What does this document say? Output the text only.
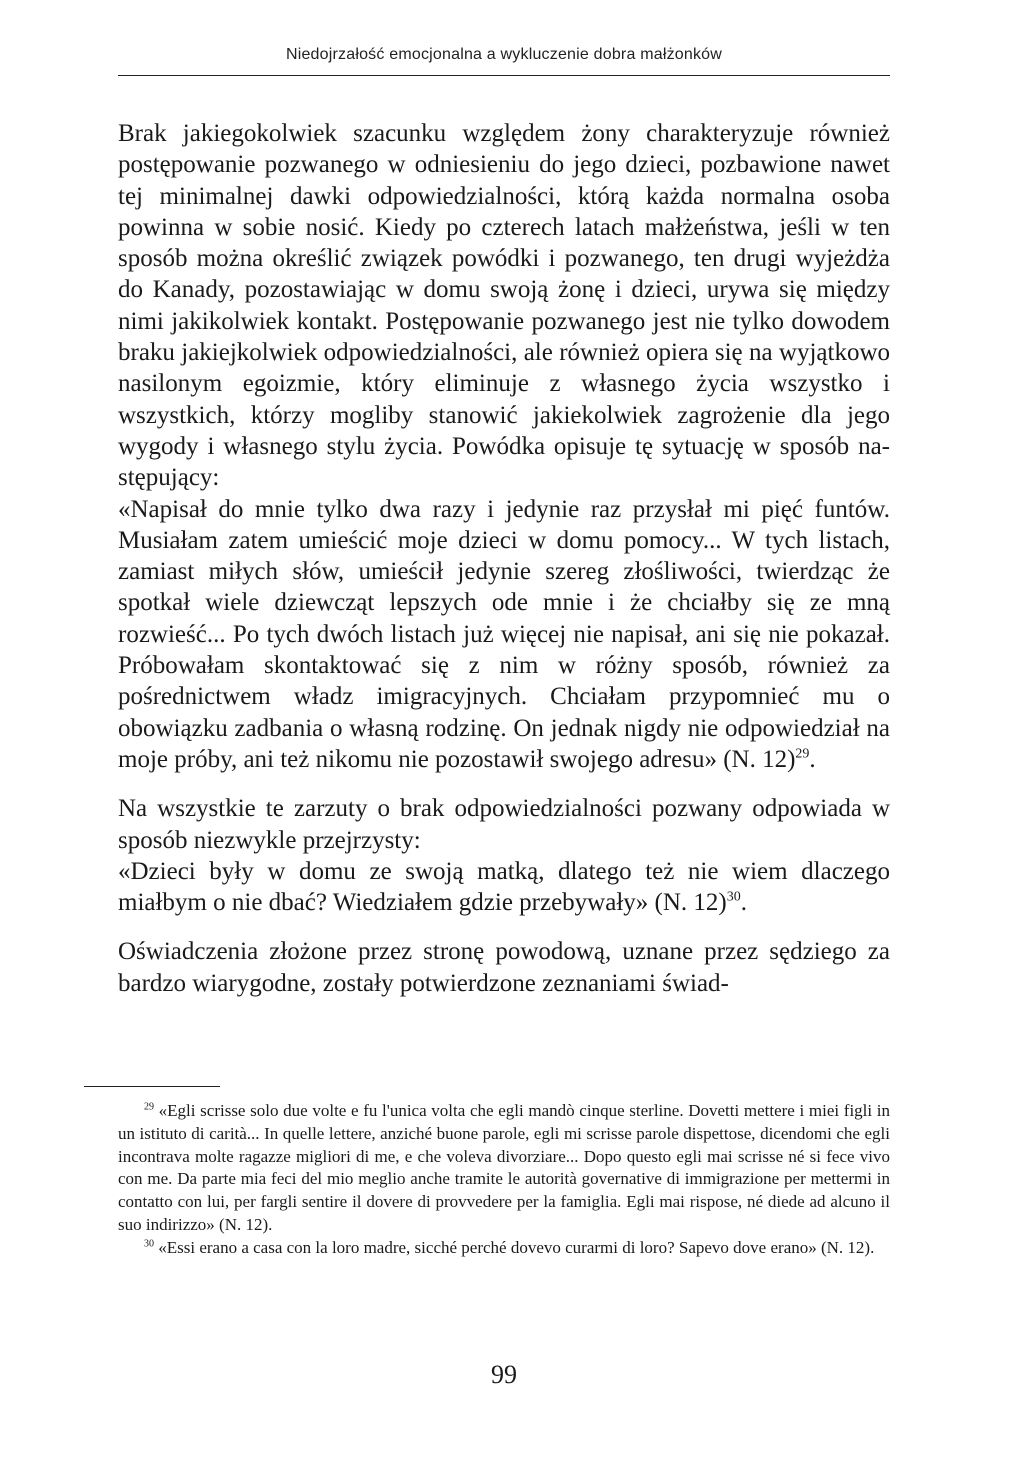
Niedojrzałość emocjonalna a wykluczenie dobra małżonków

Brak jakiegokolwiek szacunku względem żony charakteryzuje również postępowanie pozwanego w odniesieniu do jego dzieci, pozbawione nawet tej minimalnej dawki odpowiedzialności, którą każda normalna osoba powinna w sobie nosić. Kiedy po czterech latach małżeństwa, jeśli w ten sposób można określić związek powódki i pozwanego, ten drugi wyjeżdża do Kanady, pozostawiając w domu swoją żonę i dzieci, urywa się między nimi jakikolwiek kontakt. Postępowanie pozwanego jest nie tylko dowodem braku jakiejkolwiek odpowiedzialności, ale również opiera się na wyjątkowo nasilonym egoizmie, który eliminuje z własnego życia wszystko i wszystkich, którzy mogliby stanowić jakiekolwiek zagrożenie dla jego wygody i własnego stylu życia. Powódka opisuje tę sytuację w sposób następujący:

«Napisał do mnie tylko dwa razy i jedynie raz przysłał mi pięć funtów. Musiałam zatem umieścić moje dzieci w domu pomocy... W tych listach, zamiast miłych słów, umieścił jedynie szereg złośliwości, twierdząc że spotkał wiele dziewcząt lepszych ode mnie i że chciałby się ze mną rozwieść... Po tych dwóch listach już więcej nie napisał, ani się nie pokazał. Próbowałam skontaktować się z nim w różny sposób, również za pośrednictwem władz imigracyjnych. Chciałam przypomnieć mu o obowiązku zadbania o własną rodzinę. On jednak nigdy nie odpowiedział na moje próby, ani też nikomu nie pozostawił swojego adresu» (N. 12)$^{29}$.

Na wszystkie te zarzuty o brak odpowiedzialności pozwany odpowiada w sposób niezwykle przejrzysty:

«Dzieci były w domu ze swoją matką, dlatego też nie wiem dlaczego miałbym o nie dbać? Wiedziałem gdzie przebywały» (N. 12)$^{30}$.

Oświadczenia złożone przez stronę powodową, uznane przez sędziego za bardzo wiarygodne, zostały potwierdzone zeznaniami świad-

$^{29}$ «Egli scrisse solo due volte e fu l'unica volta che egli mandò cinque sterline. Dovetti mettere i miei figli in un istituto di carità... In quelle lettere, anziché buone parole, egli mi scrisse parole dispettose, dicendomi che egli incontrava molte ragazze migliori di me, e che voleva divorziare... Dopo questo egli mai scrisse né si fece vivo con me. Da parte mia feci del mio meglio anche tramite le autorità governative di immigrazione per mettermi in contatto con lui, per fargli sentire il dovere di provvedere per la famiglia. Egli mai rispose, né diede ad alcuno il suo indirizzo» (N. 12).

$^{30}$ «Essi erano a casa con la loro madre, sicché perché dovevo curarmi di loro? Sapevo dove erano» (N. 12).

99
